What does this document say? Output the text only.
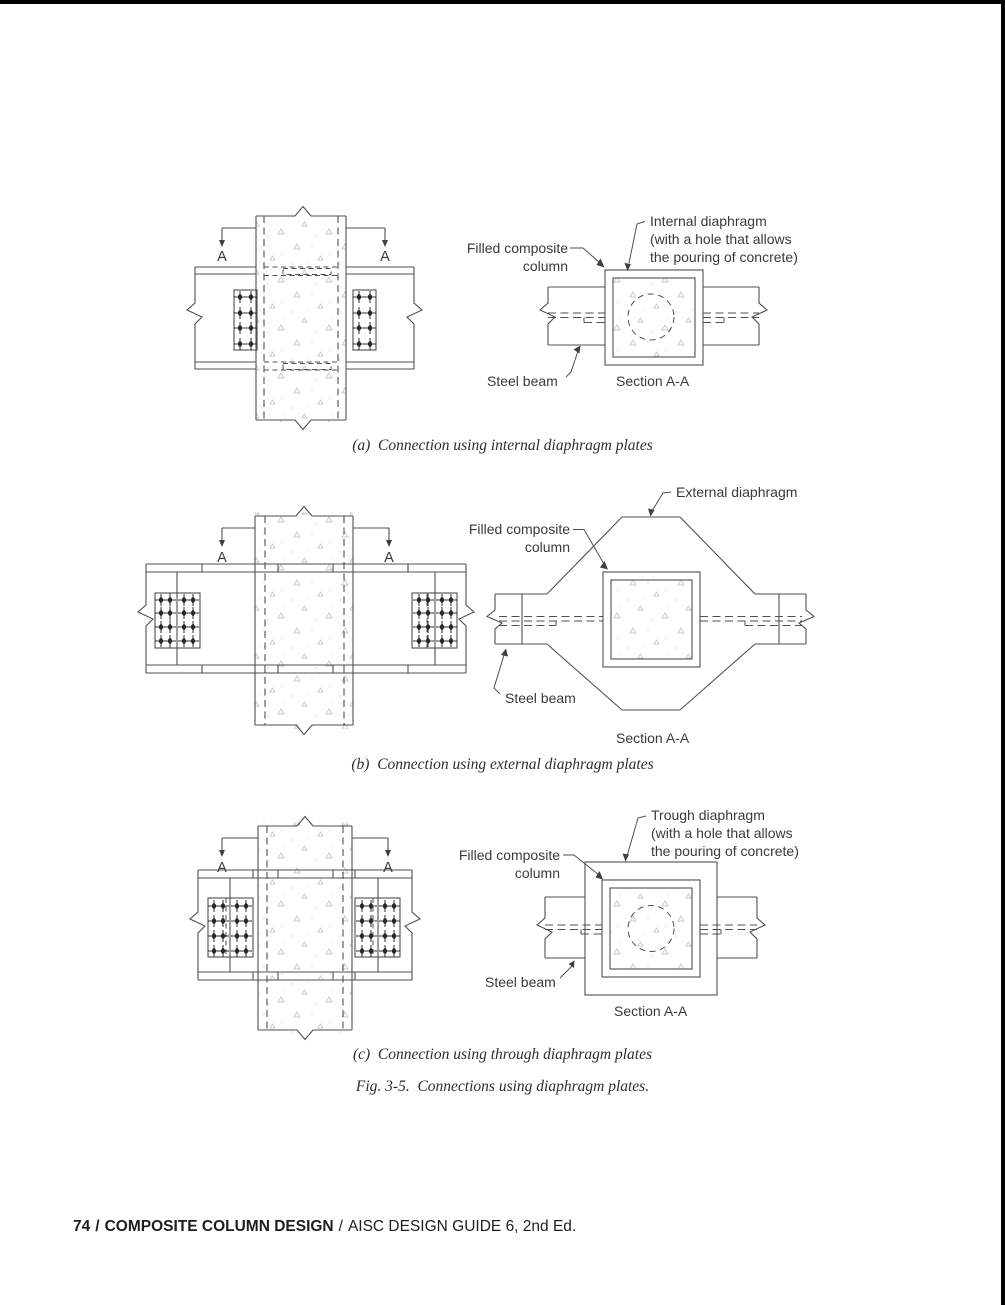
A	A
Filled composite
column
Internal diaphragm
(with a hole that allows
the pouring of concrete)
Steel beam	Section A-A
A	A
External diaphragm
Filled composite
column
Steel beam
Section A-A
A	A
Trough diaphragm
(with a hole that allows
the pouring of concrete)
Filled composite
column
Steel beam
Section A-A
(a)  Connection using internal diaphragm plates
(b)  Connection using external diaphragm plates
(c)  Connection using through diaphragm plates
Fig. 3-5.  Connections using diaphragm plates.
74 / COMPOSITE COLUMN DESIGN / AISC DESIGN GUIDE 6, 2nd Ed.
